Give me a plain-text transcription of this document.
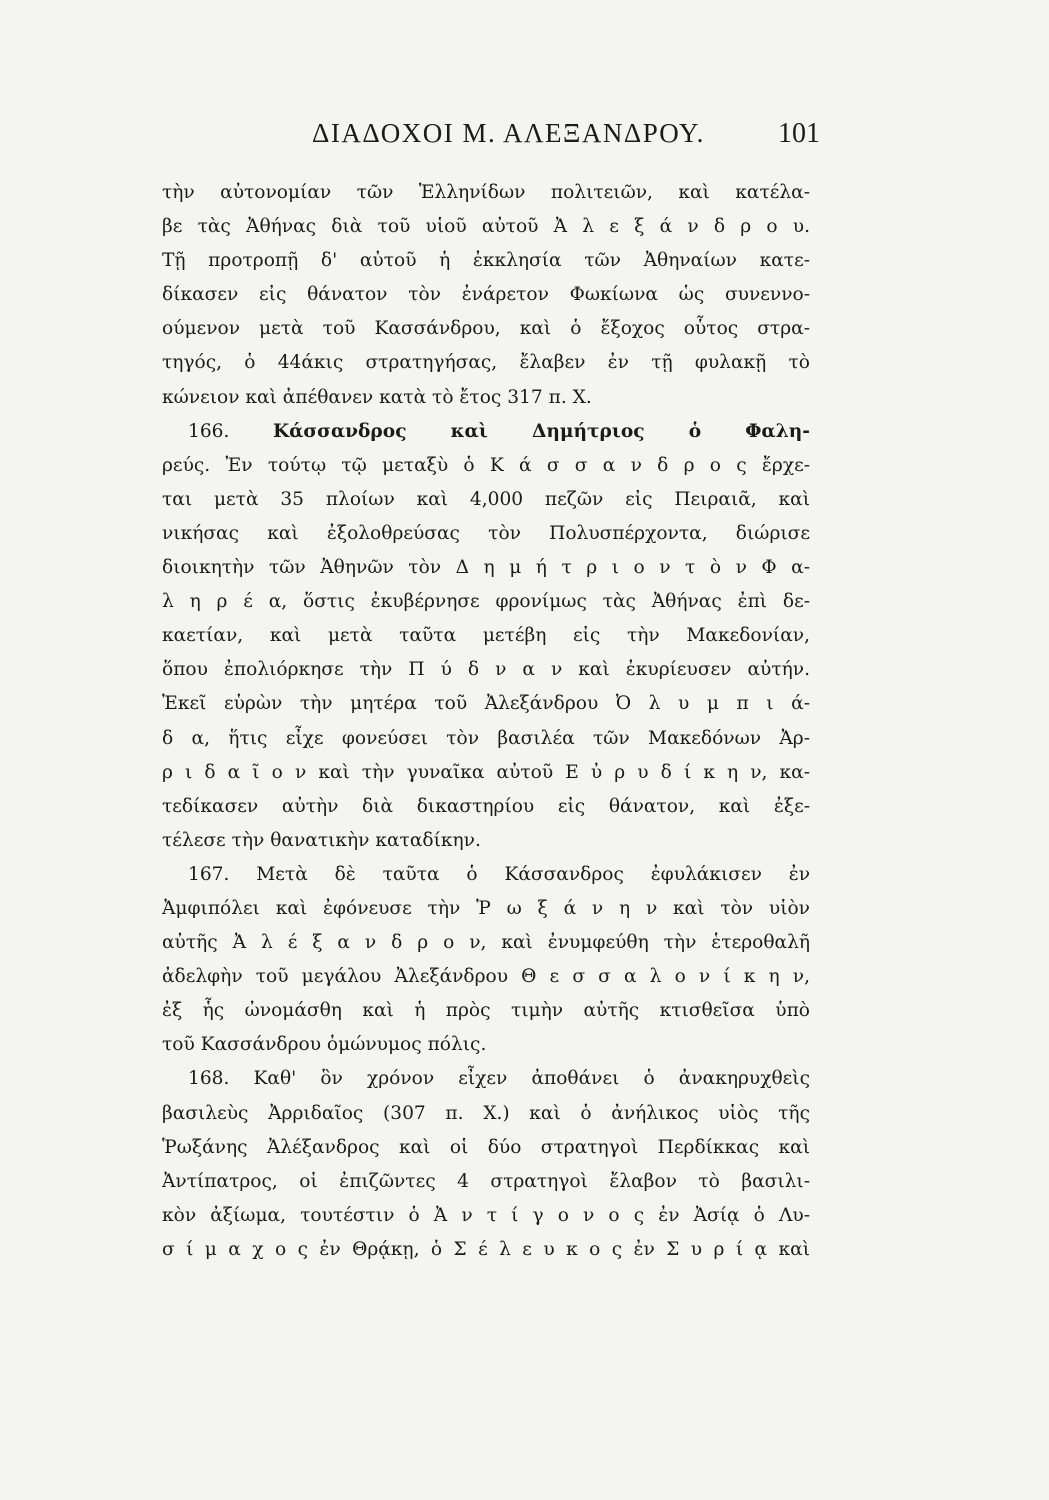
ΔΙΑΔΟΧΟΙ Μ. ΑΛΕΞΑΝΔΡΟΥ.	101
τὴν αὐτονομίαν τῶν Ἑλληνίδων πολιτειῶν, καὶ κατέλα-
βε τὰς Ἀθήνας διὰ τοῦ υἱοῦ αὐτοῦ Ἀ λ ε ξ ά ν δ ρ ο υ.
Τῇ προτροπῇ δ' αὐτοῦ ἡ ἐκκλησία τῶν Ἀθηναίων κατε-
δίκασεν εἰς θάνατον τὸν ἐνάρετον Φωκίωνα ὡς συνεννο-
ούμενον μετὰ τοῦ Κασσάνδρου, καὶ ὁ ἔξοχος οὗτος στρα-
τηγός, ὁ 44άκις στρατηγήσας, ἔλαβεν ἐν τῇ φυλακῇ τὸ
κώνειον καὶ ἀπέθανεν κατὰ τὸ ἔτος 317 π. Χ.
166. Κάσσανδρος καὶ Δημήτριος ὁ Φαλη-
ρεύς. Ἐν τούτῳ τῷ μεταξὺ ὁ Κ ά σ σ α ν δ ρ ο ς ἔρχε-
ται μετὰ 35 πλοίων καὶ 4,000 πεζῶν εἰς Πειραιᾶ, καὶ
νικήσας καὶ ἐξολοθρεύσας τὸν Πολυσπέρχοντα, διώρισε
διοικητὴν τῶν Ἀθηνῶν τὸν Δ η μ ή τ ρ ι ο ν τ ὸ ν Φ α-
λ η ρ έ α, ὅστις ἐκυβέρνησε φρονίμως τὰς Ἀθήνας ἐπὶ δε-
καετίαν, καὶ μετὰ ταῦτα μετέβη εἰς τὴν Μακεδονίαν,
ὅπου ἐπολιόρκησε τὴν Π ύ δ ν α ν καὶ ἐκυρίευσεν αὐτήν.
Ἐκεῖ εὑρὼν τὴν μητέρα τοῦ Ἀλεξάνδρου Ὀ λ υ μ π ι ά-
δ α, ἥτις εἶχε φονεύσει τὸν βασιλέα τῶν Μακεδόνων Ἀρ-
ρ ι δ α ῖ ο ν καὶ τὴν γυναῖκα αὐτοῦ Ε ὐ ρ υ δ ί κ η ν, κα-
τεδίκασεν αὐτὴν διὰ δικαστηρίου εἰς θάνατον, καὶ ἐξε-
τέλεσε τὴν θανατικὴν καταδίκην.
167. Μετὰ δὲ ταῦτα ὁ Κάσσανδρος ἐφυλάκισεν ἐν
Ἀμφιπόλει καὶ ἐφόνευσε τὴν Ῥ ω ξ ά ν η ν καὶ τὸν υἱὸν
αὐτῆς Ἀ λ έ ξ α ν δ ρ ο ν, καὶ ἐνυμφεύθη τὴν ἑτεροθαλῆ
ἀδελφὴν τοῦ μεγάλου Ἀλεξάνδρου Θ ε σ σ α λ ο ν ί κ η ν,
ἐξ ἧς ὠνομάσθη καὶ ἡ πρὸς τιμὴν αὐτῆς κτισθεῖσα ὑπὸ
τοῦ Κασσάνδρου ὁμώνυμος πόλις.
168. Καθ' ὃν χρόνον εἶχεν ἀποθάνει ὁ ἀνακηρυχθεὶς
βασιλεὺς Ἀρριδαῖος (307 π. Χ.) καὶ ὁ ἀνήλικος υἱὸς τῆς
Ῥωξάνης Ἀλέξανδρος καὶ οἱ δύο στρατηγοὶ Περδίκκας καὶ
Ἀντίπατρος, οἱ ἐπιζῶντες 4 στρατηγοὶ ἔλαβον τὸ βασιλι-
κὸν ἀξίωμα, τουτέστιν ὁ Ἀ ν τ ί γ ο ν ο ς ἐν Ἀσίᾳ ὁ Λυ-
σ ί μ α χ ο ς ἐν Θρᾴκῃ, ὁ Σ έ λ ε υ κ ο ς ἐν Σ υ ρ ί ᾳ καὶ
